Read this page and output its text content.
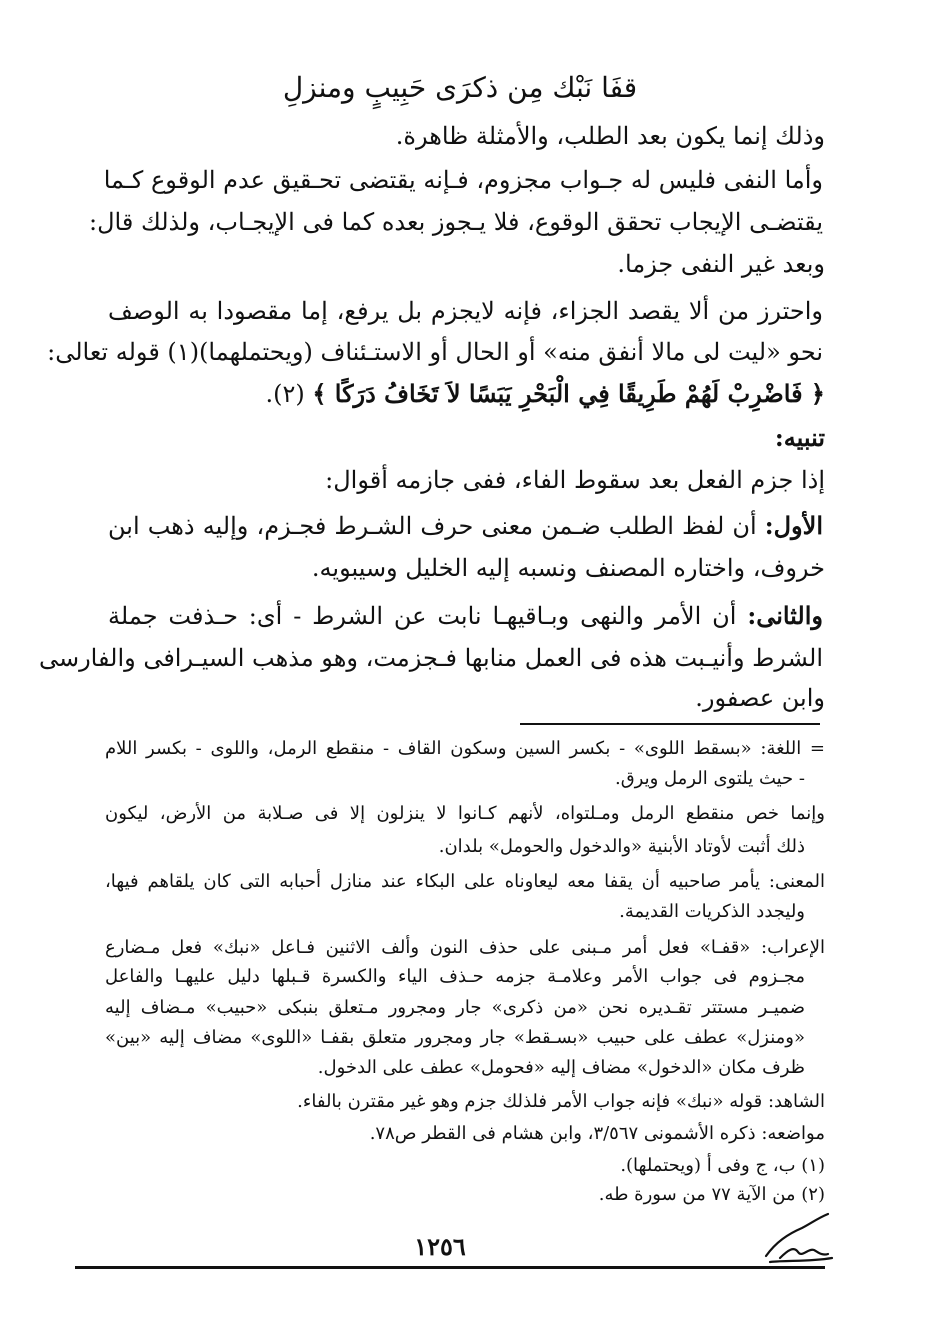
قفَا نَبْك مِن ذكرَى حَبِيبٍ ومنزلِ
وذلك إنما يكون بعد الطلب، والأمثلة ظاهرة.
وأما النفى فليس له جـواب مجزوم، فـإنه يقتضى تحـقيق عدم الوقوع كـما
يقتضـى الإيجاب تحقق الوقوع، فلا يـجوز بعده كما فى الإيجـاب، ولذلك قال:
وبعد غير النفى جزما.
واحترز من ألا يقصد الجزاء، فإنه لايجزم بل يرفع، إما مقصودا به الوصف
نحو «ليت لى مالا أنفق منه» أو الحال أو الاستـئناف (ويحتملهما)(١) قوله تعالى:
﴿ فَاضْرِبْ لَهُمْ طَرِيقًا فِي الْبَحْرِ يَبَسًا لاَ تَخَافُ دَرَكًا ﴾ (٢).
تنبيه:
إذا جزم الفعل بعد سقوط الفاء، ففى جازمه أقوال:
الأول: أن لفظ الطلب ضـمن معنى حرف الشـرط فجـزم، وإليه ذهب ابن
خروف، واختاره المصنف ونسبه إليه الخليل وسيبويه.
والثانى: أن الأمر والنهى وبـاقيهـا نابت عن الشرط - أى: حـذفت جملة
الشرط وأنيـبت هذه فى العمل منابها فـجزمت، وهو مذهب السيـرافى والفارسى
وابن عصفور.
= اللغة: «بسقط اللوى» - بكسر السين وسكون القاف - منقطع الرمل، واللوى - بكسر اللام
- حيث يلتوى الرمل ويرق.
وإنما خص منقطع الرمل ومـلتواه، لأنهم كـانوا لا ينزلون إلا فى صـلابة من الأرض، ليكون
ذلك أثبت لأوتاد الأبنية «والدخول والحومل» بلدان.
المعنى: يأمر صاحبيه أن يقفا معه ليعاوناه على البكاء عند منازل أحبابه التى كان يلقاهم فيها،
وليجدد الذكريات القديمة.
الإعراب: «قفـا» فعل أمر مـبنى على حذف النون وألف الاثنين فـاعل «نبك» فعل مـضارع
مجـزوم فى جواب الأمر وعلامـة جزمه حـذف الياء والكسرة قـبلها دليل عليهـا والفاعل
ضميـر مستتر تقـديره نحن «من ذكرى» جار ومجرور مـتعلق بنبكى «حبيب» مـضاف إليه
«ومنزل» عطف على حبيب «بسـقط» جار ومجرور متعلق بقفـا «اللوى» مضاف إليه «بين»
ظرف مكان «الدخول» مضاف إليه «فحومل» عطف على الدخول.
الشاهد: قوله «نبك» فإنه جواب الأمر فلذلك جزم وهو غير مقترن بالفاء.
مواضعه: ذكره الأشمونى ٣/٥٦٧، وابن هشام فى القطر ص٧٨.
(١) ب، ج وفى أ (ويحتملها).
(٢) من الآية ٧٧ من سورة طه.
١٢٥٦
